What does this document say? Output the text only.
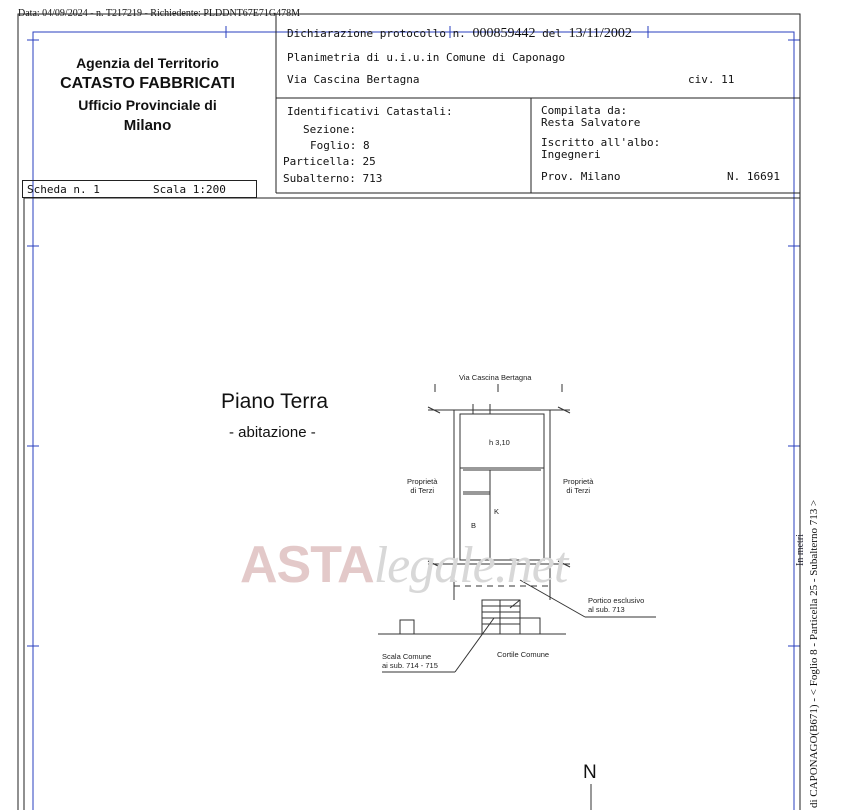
Data: 04/09/2024 - n. T217219 - Richiedente: PLDDNT67E71G478M
Agenzia del Territorio
CATASTO FABBRICATI
Ufficio Provinciale di
Milano
Dichiarazione protocollo n. 000859442 del 13/11/2002
Planimetria di u.i.u.in Comune di Caponago
Via Cascina Bertagna	civ. 11
Identificativi Catastali:
Sezione:
Foglio: 8
Particella: 25
Subalterno: 713
Compilata da:
Resta Salvatore
Iscritto all'albo:
Ingegneri
Prov. Milano	N. 16691
Scheda n. 1	Scala 1:200
Piano Terra
- abitazione -
ASTAlegale.net
Via Cascina Bertagna
h 3,10
Proprietà
di Terzi
Proprietà
di Terzi
K
B
Portico esclusivo
al sub. 713
Scala Comune
ai sub. 714 - 715
Cortile Comune
N	di CAPONAGO(B671) - < Foglio 8 - Particella 25 - Subalterno 713 >
In metri
